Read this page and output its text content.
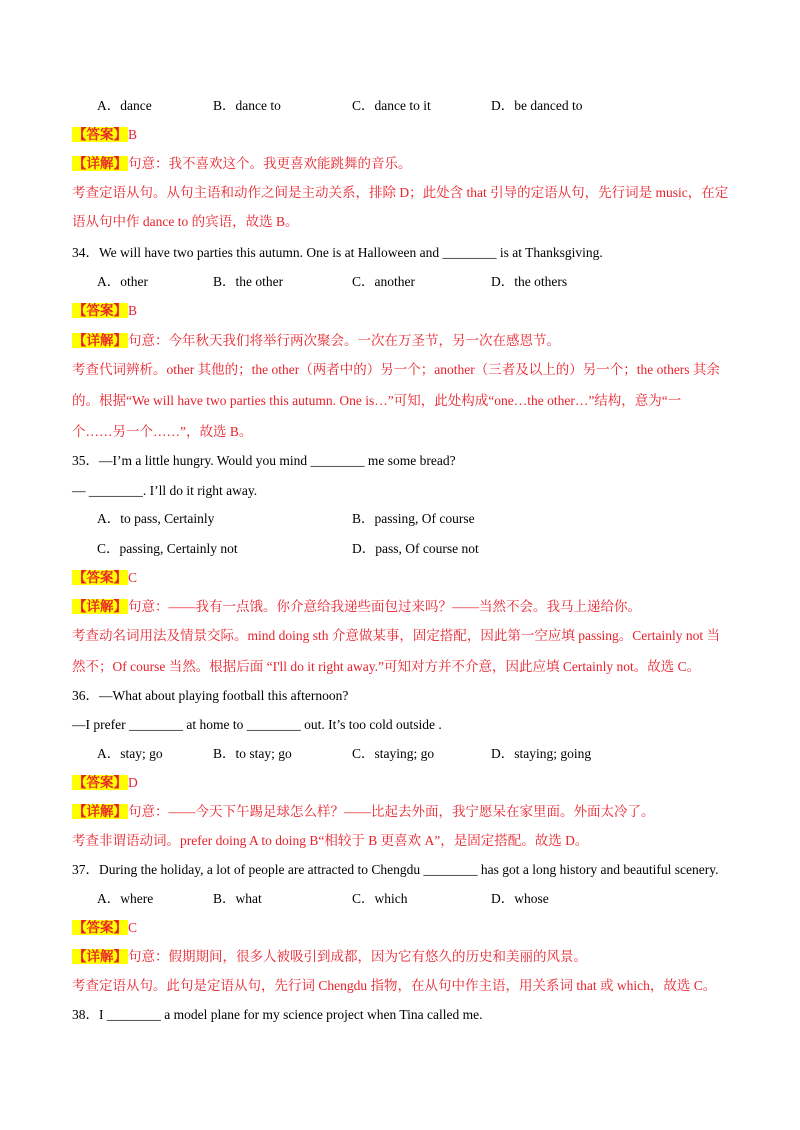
A．dance	B．dance to	C．dance to it	D．be danced to
【答案】B
【详解】句意：我不喜欢这个。我更喜欢能跳舞的音乐。
考查定语从句。从句主语和动作之间是主动关系，排除 D；此处含 that 引导的定语从句，先行词是 music，在定
语从句中作 dance to 的宾语，故选 B。
34．We will have two parties this autumn. One is at Halloween and ________ is at Thanksgiving.
A．other	B．the other	C．another	D．the others
【答案】B
【详解】句意：今年秋天我们将举行两次聚会。一次在万圣节，另一次在感恩节。
考查代词辨析。other 其他的；the other（两者中的）另一个；another（三者及以上的）另一个；the others 其余
的。根据“We will have two parties this autumn. One is…”可知，此处构成“one…the other…”结构，意为“一
个……另一个……”，故选 B。
35．—I’m a little hungry. Would you mind ________ me some bread?
— ________. I’ll do it right away.
A．to pass, Certainly	B．passing, Of course
C．passing, Certainly not	D．pass, Of course not
【答案】C
【详解】句意：——我有一点饿。你介意给我递些面包过来吗？——当然不会。我马上递给你。
考查动名词用法及情景交际。mind doing sth 介意做某事，固定搭配，因此第一空应填 passing。Certainly not 当
然不；Of course 当然。根据后面 “I'll do it right away.”可知对方并不介意，因此应填 Certainly not。故选 C。
36．—What about playing football this afternoon?
—I prefer ________ at home to ________ out. It’s too cold outside .
A．stay; go	B．to stay; go	C．staying; go	D．staying; going
【答案】D
【详解】句意：——今天下午踢足球怎么样？——比起去外面，我宁愿呆在家里面。外面太冷了。
考查非谓语动词。prefer doing A to doing B“相较于 B 更喜欢 A”，是固定搭配。故选 D。
37．During the holiday, a lot of people are attracted to Chengdu ________ has got a long history and beautiful scenery.
A．where	B．what	C．which	D．whose
【答案】C
【详解】句意：假期期间，很多人被吸引到成都，因为它有悠久的历史和美丽的风景。
考查定语从句。此句是定语从句，先行词 Chengdu 指物，在从句中作主语，用关系词 that 或 which，故选 C。
38．I ________ a model plane for my science project when Tina called me.
